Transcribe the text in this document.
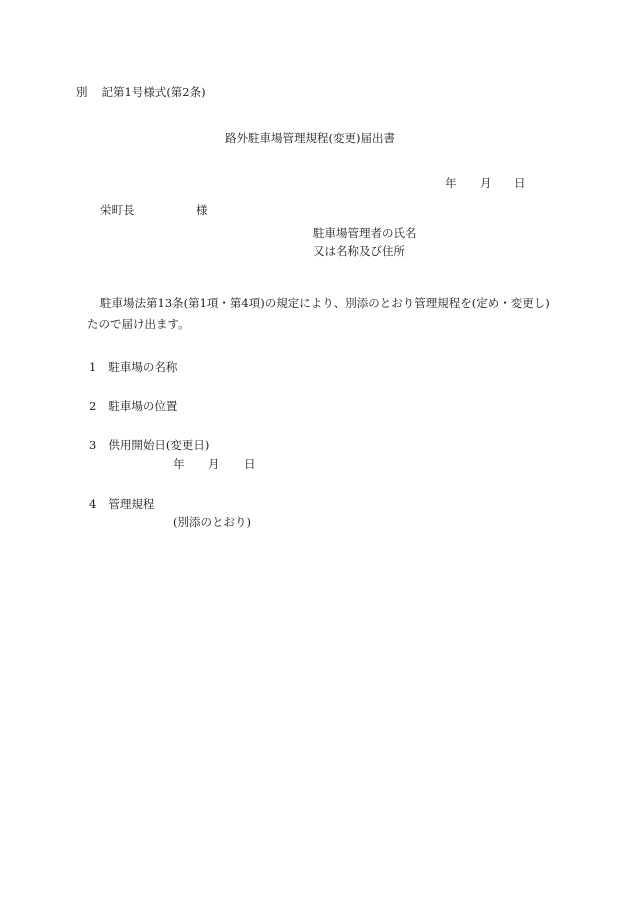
別 記第1号様式(第2条)
路外駐車場管理規程(変更)届出書
年 月 日
栄町長	様
駐車場管理者の氏名
又は名称及び住所
駐車場法第13条(第1項・第4項)の規定により、別添のとおり管理規程を(定め・変更し)
たので届け出ます。
1 駐車場の名称
2 駐車場の位置
3 供用開始日(変更日)
年 月 日
4 管理規程
(別添のとおり)
